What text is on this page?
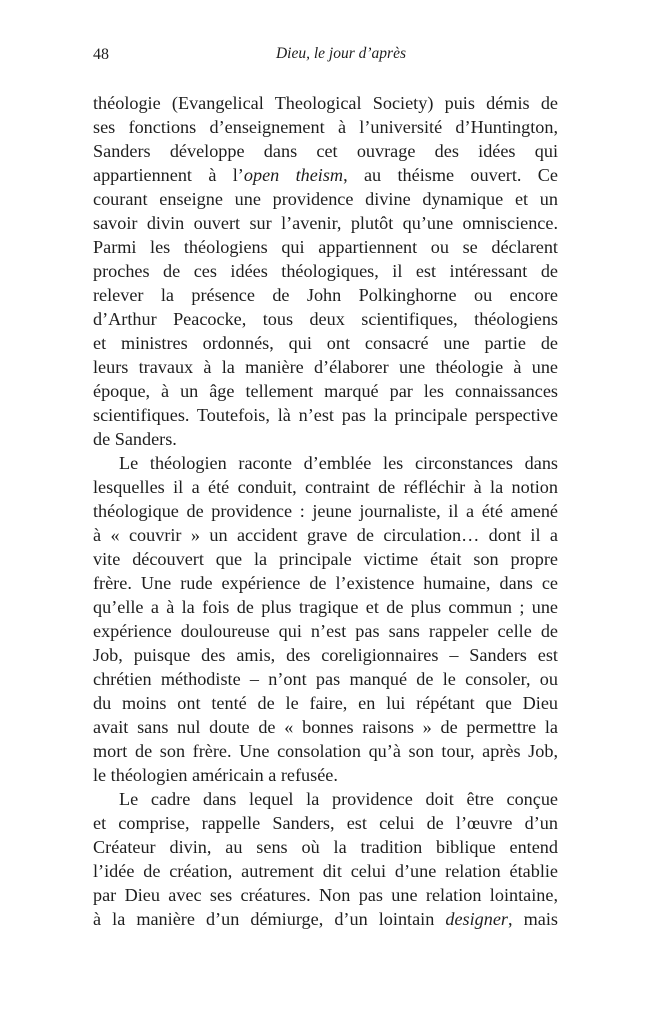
48	Dieu, le jour d’après

théologie (Evangelical Theological Society) puis démis de
ses fonctions d’enseignement à l’université d’Huntington,
Sanders développe dans cet ouvrage des idées qui
appartiennent à l’open theism, au théisme ouvert. Ce
courant enseigne une providence divine dynamique et un
savoir divin ouvert sur l’avenir, plutôt qu’une omniscience.
Parmi les théologiens qui appartiennent ou se déclarent
proches de ces idées théologiques, il est intéressant de
relever la présence de John Polkinghorne ou encore
d’Arthur Peacocke, tous deux scientifiques, théologiens
et ministres ordonnés, qui ont consacré une partie de
leurs travaux à la manière d’élaborer une théologie à une
époque, à un âge tellement marqué par les connaissances
scientifiques. Toutefois, là n’est pas la principale perspective
de Sanders.

Le théologien raconte d’emblée les circonstances dans
lesquelles il a été conduit, contraint de réfléchir à la notion
théologique de providence : jeune journaliste, il a été amené
à « couvrir » un accident grave de circulation… dont il a
vite découvert que la principale victime était son propre
frère. Une rude expérience de l’existence humaine, dans ce
qu’elle a à la fois de plus tragique et de plus commun ; une
expérience douloureuse qui n’est pas sans rappeler celle de
Job, puisque des amis, des coreligionnaires – Sanders est
chrétien méthodiste – n’ont pas manqué de le consoler, ou
du moins ont tenté de le faire, en lui répétant que Dieu
avait sans nul doute de « bonnes raisons » de permettre la
mort de son frère. Une consolation qu’à son tour, après Job,
le théologien américain a refusée.

Le cadre dans lequel la providence doit être conçue
et comprise, rappelle Sanders, est celui de l’œuvre d’un
Créateur divin, au sens où la tradition biblique entend
l’idée de création, autrement dit celui d’une relation établie
par Dieu avec ses créatures. Non pas une relation lointaine,
à la manière d’un démiurge, d’un lointain designer, mais
